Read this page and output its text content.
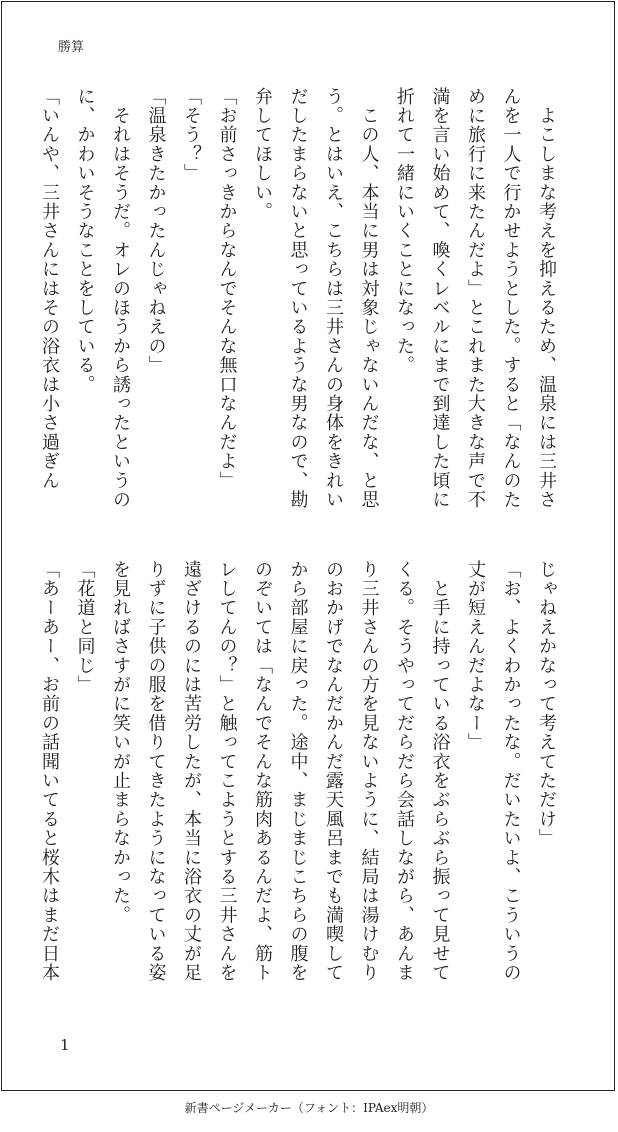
勝算
　よこしまな考えを抑えるため、温泉には三井さ
んを一人で行かせようとした。すると「なんのた
めに旅行に来たんだよ」とこれまた大きな声で不
満を言い始めて、喚くレベルにまで到達した頃に
折れて一緒にいくことになった。
　この人、本当に男は対象じゃないんだな、と思
う。とはいえ、こちらは三井さんの身体をきれい
だしたまらないと思っているような男なので、勘
弁してほしい。
「お前さっきからなんでそんな無口なんだよ」
「そう？」
「温泉きたかったんじゃねえの」
　それはそうだ。オレのほうから誘ったというの
に、かわいそうなことをしている。
「いんや、三井さんにはその浴衣は小さ過ぎん
じゃねえかなって考えてただけ」
「お、よくわかったな。だいたいよ、こういうの
丈が短えんだよなー」
　と手に持っている浴衣をぶらぶら振って見せて
くる。そうやってだらだら会話しながら、あんま
り三井さんの方を見ないように、結局は湯けむり
のおかげでなんだかんだ露天風呂までも満喫して
から部屋に戻った。途中、まじまじこちらの腹を
のぞいては「なんでそんな筋肉あるんだよ、筋ト
レしてんの？」と触ってこようとする三井さんを
遠ざけるのには苦労したが、本当に浴衣の丈が足
りずに子供の服を借りてきたようになっている姿
を見ればさすがに笑いが止まらなかった。
「花道と同じ」
「あーあー、お前の話聞いてると桜木はまだ日本
1
新書ページメーカー（フォント：IPAex明朝）
